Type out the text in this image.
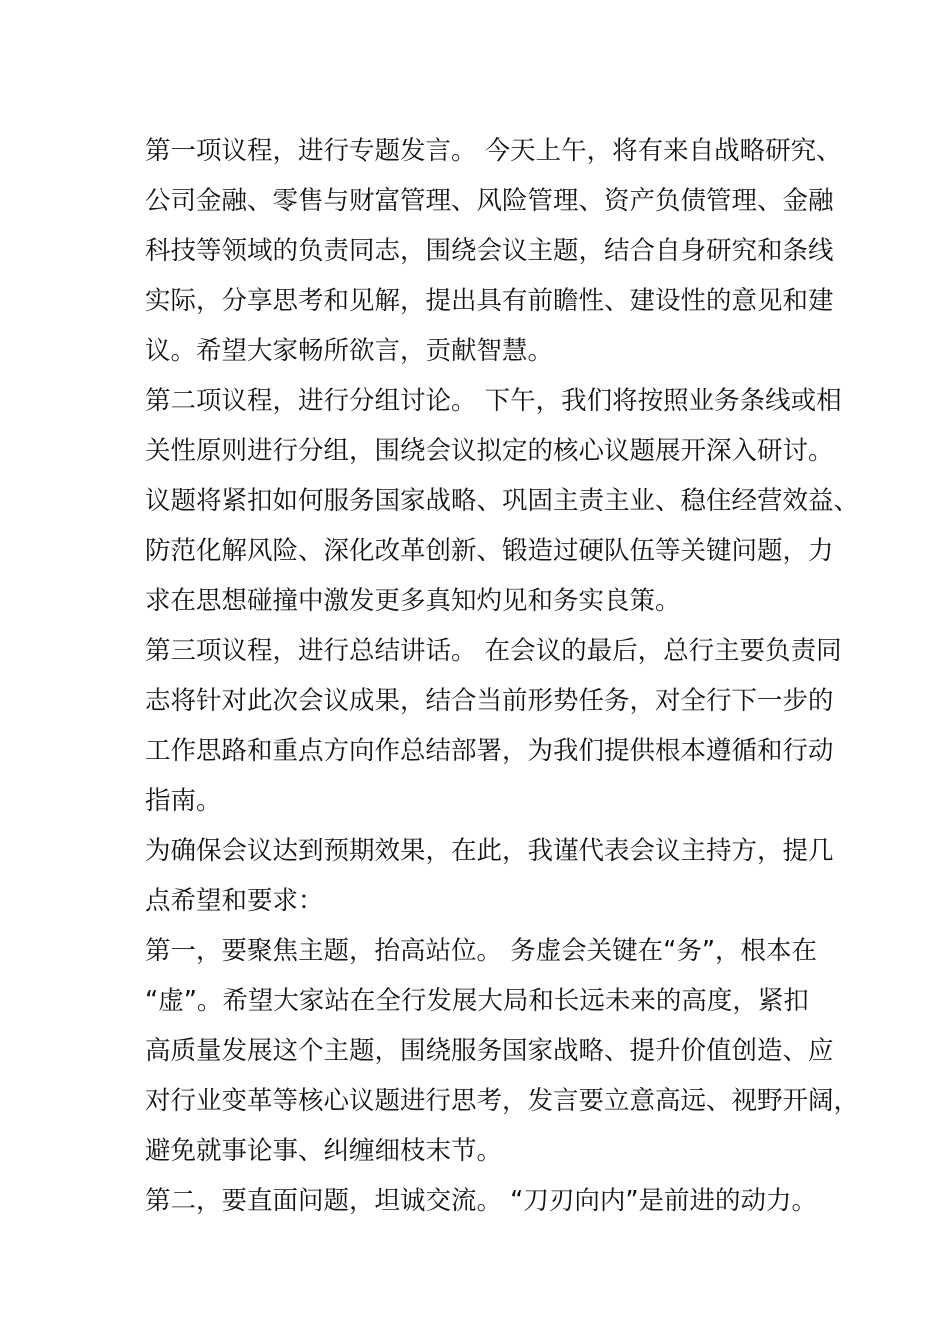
第一项议程，进行专题发言。 今天上午，将有来自战略研究、
公司金融、零售与财富管理、风险管理、资产负债管理、金融
科技等领域的负责同志，围绕会议主题，结合自身研究和条线
实际，分享思考和见解，提出具有前瞻性、建设性的意见和建
议。希望大家畅所欲言，贡献智慧。
第二项议程，进行分组讨论。 下午，我们将按照业务条线或相
关性原则进行分组，围绕会议拟定的核心议题展开深入研讨。
议题将紧扣如何服务国家战略、巩固主责主业、稳住经营效益、
防范化解风险、深化改革创新、锻造过硬队伍等关键问题，力
求在思想碰撞中激发更多真知灼见和务实良策。
第三项议程，进行总结讲话。 在会议的最后，总行主要负责同
志将针对此次会议成果，结合当前形势任务，对全行下一步的
工作思路和重点方向作总结部署，为我们提供根本遵循和行动
指南。
为确保会议达到预期效果，在此，我谨代表会议主持方，提几
点希望和要求：
第一，要聚焦主题，抬高站位。 务虚会关键在“务”，根本在
“虚”。希望大家站在全行发展大局和长远未来的高度，紧扣
高质量发展这个主题，围绕服务国家战略、提升价值创造、应
对行业变革等核心议题进行思考，发言要立意高远、视野开阔，
避免就事论事、纠缠细枝末节。
第二，要直面问题，坦诚交流。 “刀刃向内”是前进的动力。
